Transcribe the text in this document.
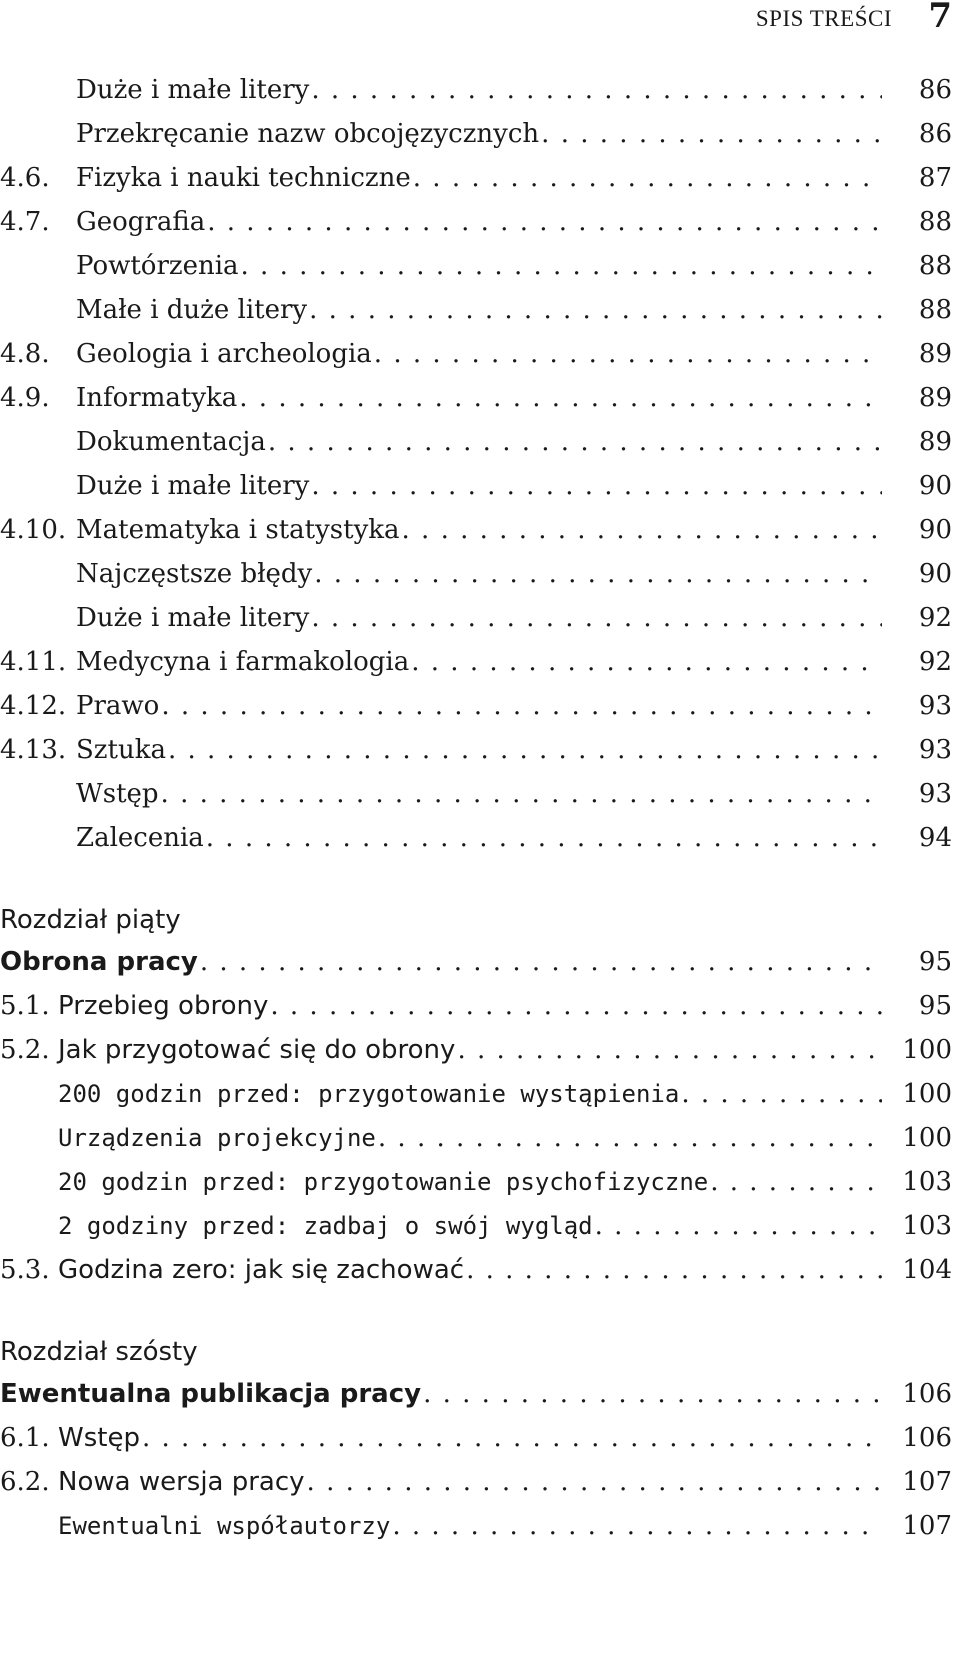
SPIS TREŚCI 7
Duże i małe litery . . .	86
Przekręcanie nazw obcojęzycznych . . .	86
4.6.	Fizyka i nauki techniczne . . .	87
4.7.	Geografia . . .	88
Powtórzenia . . .	88
Małe i duże litery . . .	88
4.8.	Geologia i archeologia . . .	89
4.9.	Informatyka . . .	89
Dokumentacja . . .	89
Duże i małe litery . . .	90
4.10. Matematyka i statystyka . . .	90
Najczęstsze błędy . . .	90
Duże i małe litery . . .	92
4.11. Medycyna i farmakologia . . .	92
4.12. Prawo . . .	93
4.13. Sztuka . . .	93
Wstęp . . .	93
Zalecenia . . .	94
Rozdział piąty
Obrona pracy . . .	95
5.1. Przebieg obrony . . .	95
5.2. Jak przygotować się do obrony . . .	100
200 godzin przed: przygotowanie wystąpienia . . .	100
Urządzenia projekcyjne . . .	100
20 godzin przed: przygotowanie psychofizyczne . . .	103
2 godziny przed: zadbaj o swój wygląd . . .	103
5.3. Godzina zero: jak się zachować . . .	104
Rozdział szósty
Ewentualna publikacja pracy . . .	106
6.1. Wstęp . . .	106
6.2. Nowa wersja pracy . . .	107
Ewentualni współautorzy . . .	107
